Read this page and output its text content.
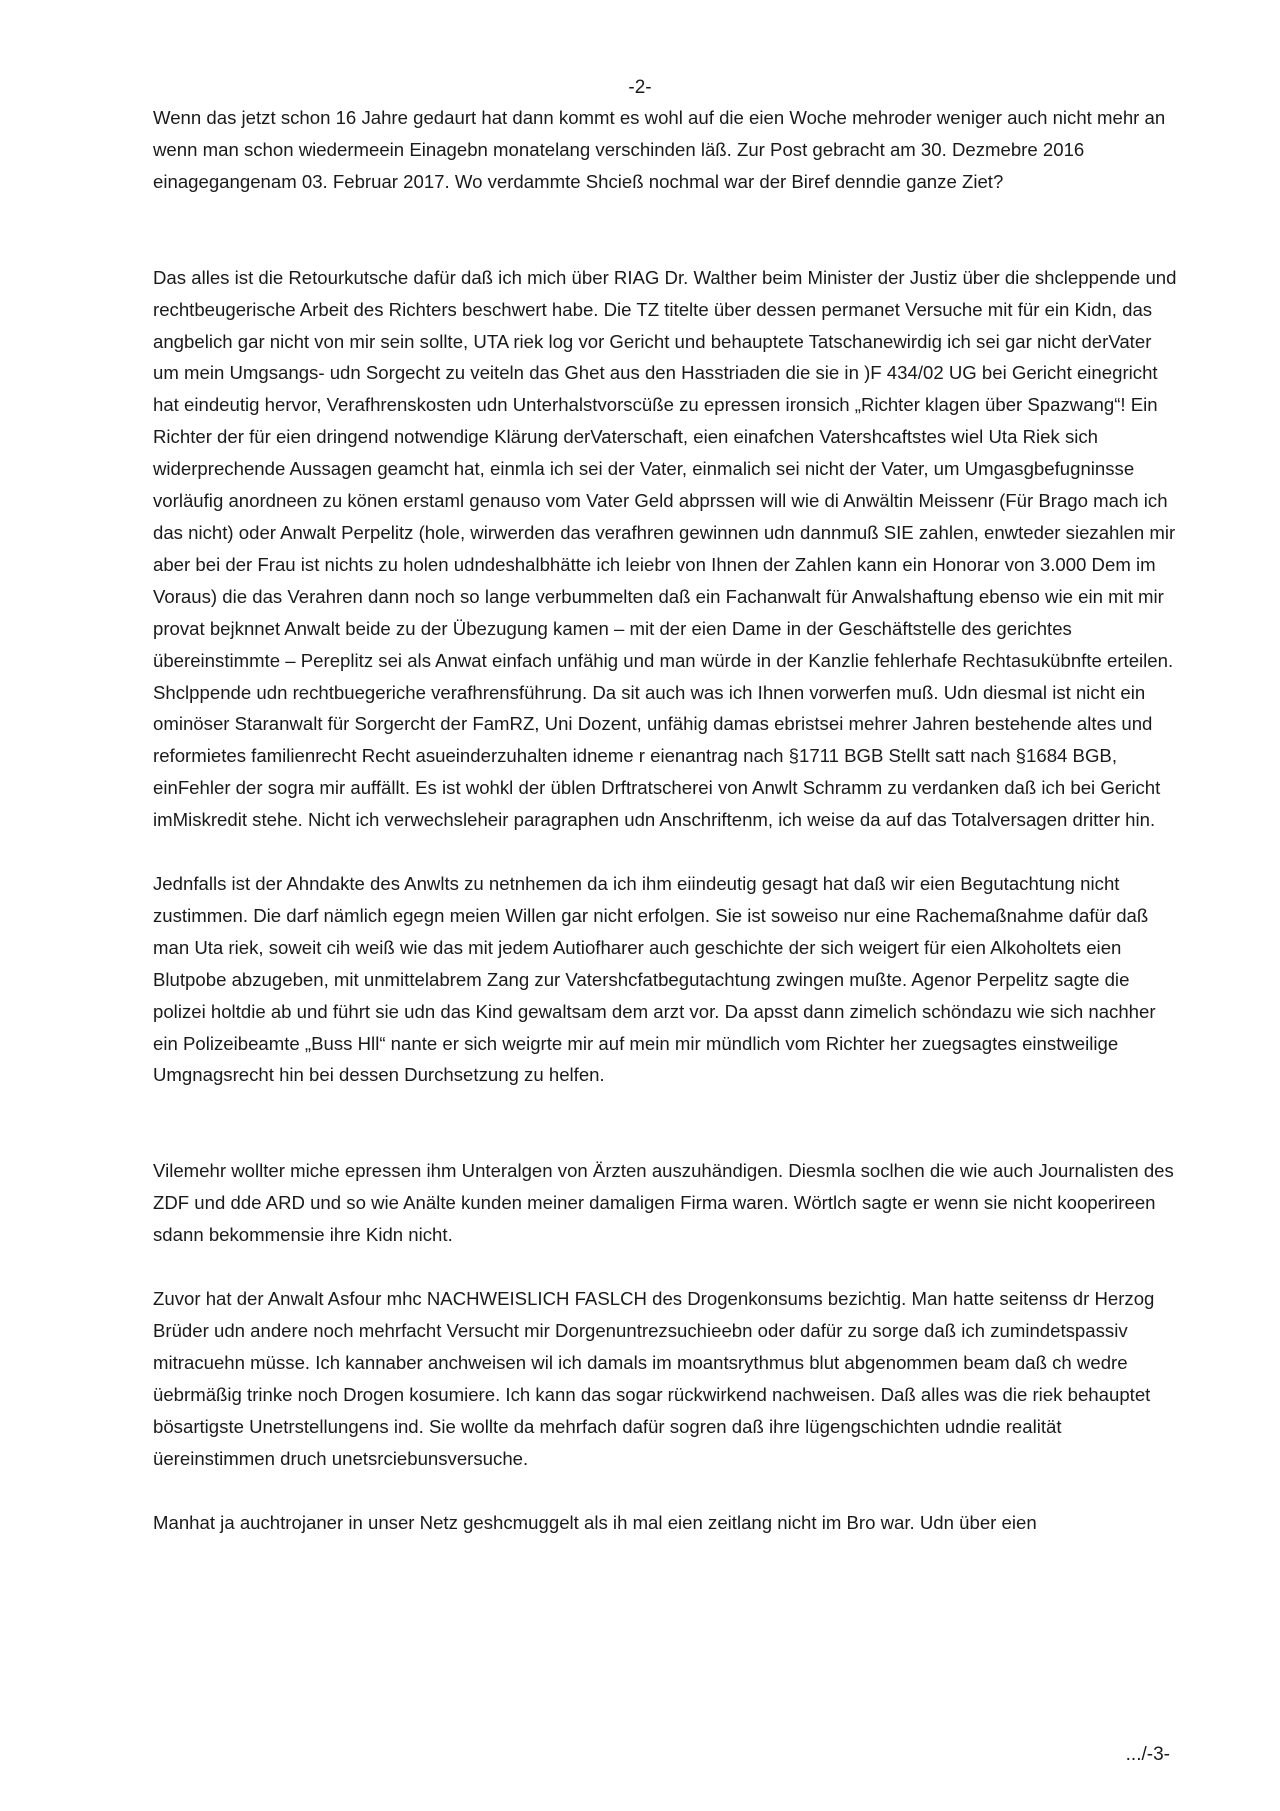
-2-

Wenn das jetzt schon 16 Jahre gedaurt hat dann kommt es wohl auf die eien Woche mehroder weniger auch nicht mehr an wenn man schon wiedermeein Einagebn monatelang verschinden läß. Zur Post gebracht am 30. Dezmebre 2016 einagegangenam 03. Februar 2017. Wo verdammte Shcieß nochmal war der Biref denndie ganze Ziet?

Das alles ist die Retourkutsche dafür daß ich mich über RIAG Dr. Walther beim Minister der Justiz über die shcleppende und rechtbeugerische Arbeit des Richters beschwert habe. Die TZ titelte über dessen permanet Versuche mit für ein Kidn, das angbelich gar nicht von mir sein sollte, UTA riek log vor Gericht und behauptete Tatschanewirdig ich sei gar nicht derVater um mein Umgsangs- udn Sorgecht zu veiteln das Ghet aus den Hasstriaden die sie in )F 434/02 UG bei Gericht einegricht hat eindeutig hervor, Verafhrenskosten udn Unterhalstvorscüße zu epressen ironsich „Richter klagen über Spazwang“! Ein Richter der für eien dringend notwendige Klärung derVaterschaft, eien einafchen Vatershcaftstes wiel Uta Riek sich widerprechende Aussagen geamcht hat, einmla ich sei der Vater, einmalich sei nicht der Vater, um Umgasgbefugninsse vorläufig anordneen zu könen erstaml genauso vom Vater Geld abprssen will wie di Anwältin Meissenr (Für Brago mach ich das nicht) oder Anwalt Perpelitz (hole, wirwerden das verafhren gewinnen udn dannmuß SIE zahlen, enwteder siezahlen mir aber bei der Frau ist nichts zu holen udndeshalbhätte ich leiebr von Ihnen der Zahlen kann ein Honorar von 3.000 Dem im Voraus) die das Verahren dann noch so lange verbummelten daß ein Fachanwalt für Anwalshaftung ebenso wie ein mit mir provat bejknnet Anwalt beide zu der Übezugung kamen – mit der eien Dame in der Geschäftstelle des gerichtes übereinstimmte – Pereplitz sei als Anwat einfach unfähig und man würde in der Kanzlie fehlerhafe Rechtasukübnfte erteilen. Shclppende udn rechtbuegeriche verafhrensführung. Da sit auch was ich Ihnen vorwerfen muß. Udn diesmal ist nicht ein ominöser Staranwalt für Sorgercht der FamRZ, Uni Dozent, unfähig damas ebristsei mehrer Jahren bestehende altes und reformietes familienrecht Recht asueinderzuhalten idneme r eienantrag nach §1711 BGB Stellt satt nach §1684 BGB, einFehler der sogra mir auffällt. Es ist wohkl der üblen Drftratscherei von Anwlt Schramm zu verdanken daß ich bei Gericht imMiskredit stehe. Nicht ich verwechsleheir paragraphen udn Anschriftenm, ich weise da auf das Totalversagen dritter hin.

Jednfalls ist der Ahndakte des Anwlts zu netnhemen da ich ihm eiindeutig gesagt hat daß wir eien Begutachtung nicht zustimmen. Die darf nämlich egegn meien Willen gar nicht erfolgen. Sie ist soweiso nur eine Rachemaßnahme dafür daß man Uta riek, soweit cih weiß wie das mit jedem Autiofharer auch geschichte der sich weigert für eien Alkoholtets eien Blutpobe abzugeben, mit unmittelabrem Zang zur Vatershcfatbegutachtung zwingen mußte. Agenor Perpelitz sagte die polizei holtdie ab und führt sie udn das Kind gewaltsam dem arzt vor. Da apsst dann zimelich schöndazu wie sich nachher ein Polizeibeamte „Buss Hll“ nante er sich weigrte mir auf mein mir mündlich vom Richter her zuegsagtes einstweilige Umgnagsrecht hin bei dessen Durchsetzung zu helfen.

Vilemehr wollter miche epressen ihm Unteralgen von Ärzten auszuhändigen. Diesmla soclhen die wie auch Journalisten des ZDF und dde ARD und so wie Anälte kunden meiner damaligen Firma waren. Wörtlch sagte er wenn sie nicht kooperireen sdann bekommensie ihre Kidn nicht.

Zuvor hat der Anwalt Asfour mhc NACHWEISLICH FASLCH des Drogenkonsums bezichtig. Man hatte seitenss dr Herzog Brüder udn andere noch mehrfacht Versucht mir Dorgenuntrezsuchieebn oder dafür zu sorge daß ich zumindetspassiv mitracuehn müsse. Ich kannaber anchweisen wil ich damals im moantsrythmus blut abgenommen beam daß ch wedre üebrmäßig trinke noch Drogen kosumiere. Ich kann das sogar rückwirkend nachweisen. Daß alles was die riek behauptet bösartigste Unetrstellungens ind. Sie wollte da mehrfach dafür sogren daß ihre lügengschichten udndie realität üereinstimmen druch unetsrciebunsversuche.

Manhat ja auchtrojaner in unser Netz geshcmuggelt als ih mal eien zeitlang nicht im Bro war. Udn über eien

.../-3-
